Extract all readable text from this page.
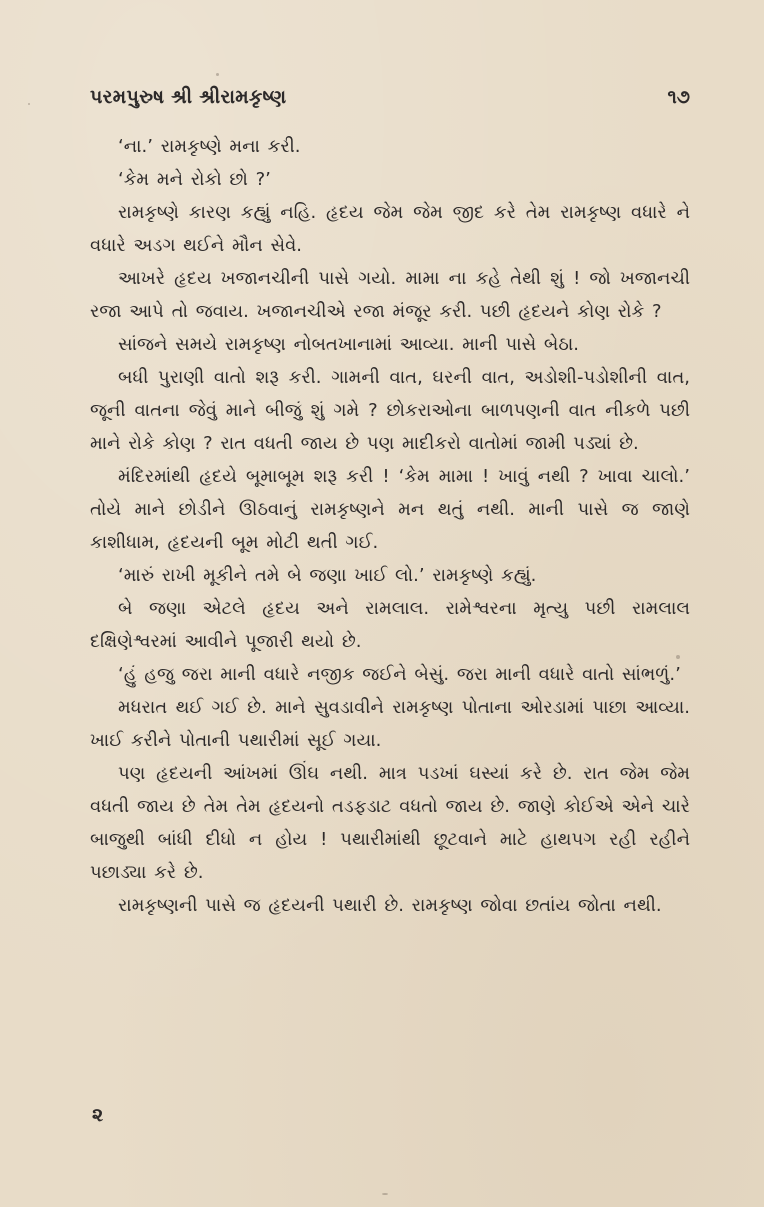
પરમપુરુષ શ્રી શ્રીરામકૃષ્ણ	૧૭

‘ના.’ રામકૃષ્ણે મના કરી.

‘કેમ મને રોકો છો ?’

રામકૃષ્ણે કારણ કહ્યું નહિ. હૃદય જેમ જેમ જીદ કરે તેમ રામકૃષ્ણ વધારે ને વધારે અડગ થઈને મૌન સેવે.

આખરે હૃદય ખજાનચીની પાસે ગયો. મામા ના કહે તેથી શું ! જો ખજાનચી રજા આપે તો જવાય. ખજાનચીએ રજા મંજૂર કરી. પછી હૃદયને કોણ રોકે ?

સાંજને સમયે રામકૃષ્ણ નોબતખાનામાં આવ્યા. માની પાસે બેઠા.

બધી પુરાણી વાતો શરૂ કરી. ગામની વાત, ઘરની વાત, અડોશી-પડોશીની વાત, જૂની વાતના જેવું માને બીજું શું ગમે ? છોકરાઓના બાળપણની વાત નીકળે પછી માને રોકે કોણ ? રાત વધતી જાય છે પણ માદીકરો વાતોમાં જામી પડ્યાં છે.

મંદિરમાંથી હૃદયે બૂમાબૂમ શરૂ કરી ! ‘કેમ મામા ! ખાવું નથી ? ખાવા ચાલો.’ તોયે માને છોડીને ઊઠવાનું રામકૃષ્ણને મન થતું નથી. માની પાસે જ જાણે કાશીધામ, હૃદયની બૂમ મોટી થતી ગઈ.

‘મારું રાખી મૂકીને તમે બે જણા ખાઈ લો.’ રામકૃષ્ણે કહ્યું.

બે જણા એટલે હૃદય અને રામલાલ. રામેશ્વરના મૃત્યુ પછી રામલાલ દક્ષિણેશ્વરમાં આવીને પૂજારી થયો છે.

‘હું હજુ જરા માની વધારે નજીક જઈને બેસું. જરા માની વધારે વાતો સાંભળું.’

મધરાત થઈ ગઈ છે. માને સુવડાવીને રામકૃષ્ણ પોતાના ઓરડામાં પાછા આવ્યા. ખાઈ કરીને પોતાની પથારીમાં સૂઈ ગયા.

પણ હૃદયની આંખમાં ઊંઘ નથી. માત્ર પડખાં ઘસ્યાં કરે છે. રાત જેમ જેમ વધતી જાય છે તેમ તેમ હૃદયનો તડફડાટ વધતો જાય છે. જાણે કોઈએ એને ચારે બાજુથી બાંધી દીધો ન હોય ! પથારીમાંથી છૂટવાને માટે હાથપગ રહી રહીને પછાડ્યા કરે છે.

રામકૃષ્ણની પાસે જ હૃદયની પથારી છે. રામકૃષ્ણ જોવા છતાંય જોતા નથી.

૨
